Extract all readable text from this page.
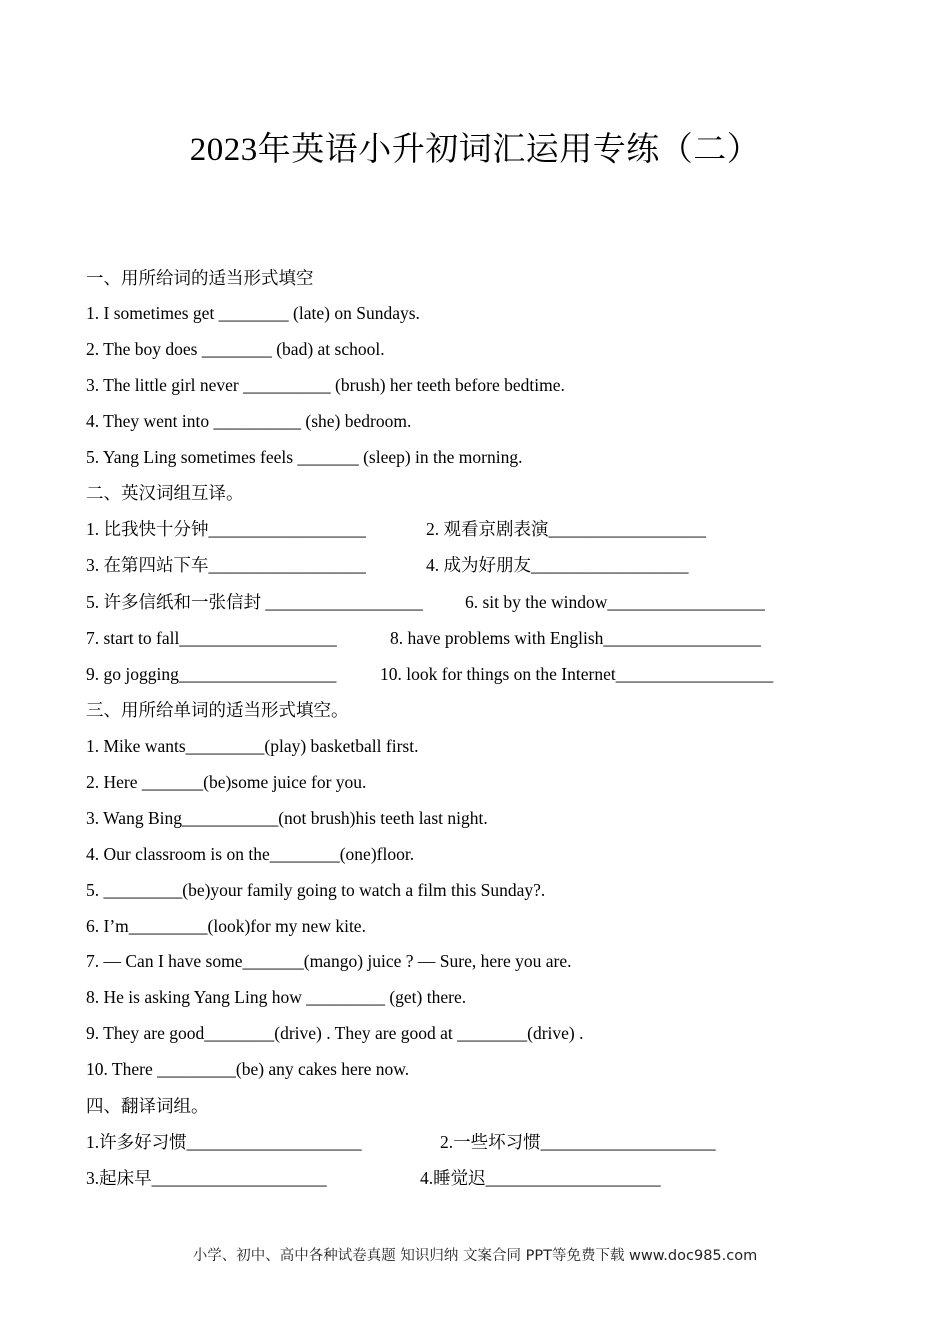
2023年英语小升初词汇运用专练（二）
一、用所给词的适当形式填空
1. I sometimes get ________ (late) on Sundays.
2. The boy does ________ (bad) at school.
3. The little girl never __________ (brush) her teeth before bedtime.
4. They went into __________ (she) bedroom.
5. Yang Ling sometimes feels _______ (sleep) in the morning.
二、英汉词组互译。
1. 比我快十分钟__________________	2. 观看京剧表演__________________
3. 在第四站下车__________________	4. 成为好朋友__________________
5. 许多信纸和一张信封 __________________ 6. sit by the window__________________
7. start to fall__________________	8. have problems with English__________________
9. go jogging__________________ 10. look for things on the Internet__________________
三、用所给单词的适当形式填空。
1. Mike wants_________(play) basketball first.
2. Here _______(be)some juice for you.
3. Wang Bing___________(not brush)his teeth last night.
4. Our classroom is on the________(one)floor.
5. _________(be)your family going to watch a film this Sunday?.
6. I’m_________(look)for my new kite.
7. — Can I have some_______(mango) juice ? — Sure, here you are.
8. He is asking Yang Ling how _________ (get) there.
9. They are good________(drive) . They are good at ________(drive) .
10. There _________(be) any cakes here now.
四、翻译词组。
1.许多好习惯____________________	2.一些坏习惯____________________
3.起床早____________________	4.睡觉迟____________________
小学、初中、高中各种试卷真题 知识归纳 文案合同 PPT等免费下载 www.doc985.com
